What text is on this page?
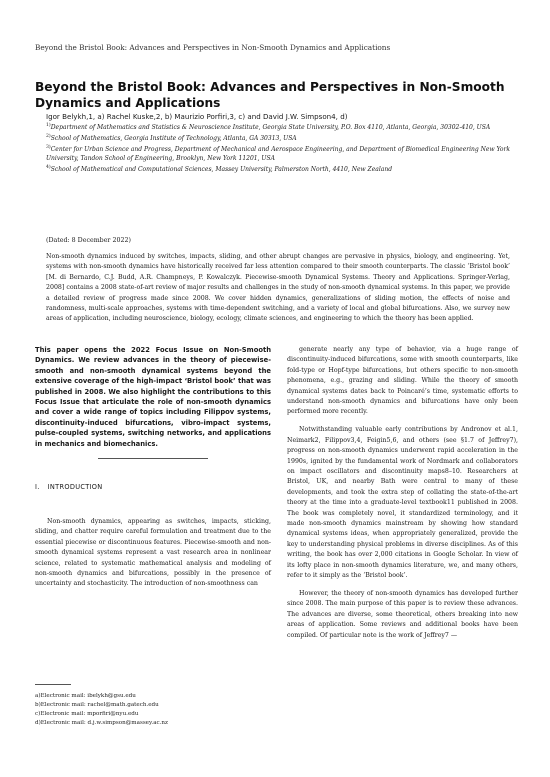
Beyond the Bristol Book: Advances and Perspectives in Non-Smooth Dynamics and Applications
Beyond the Bristol Book: Advances and Perspectives in Non-Smooth Dynamics and Applications
Igor Belykh,1, a) Rachel Kuske,2, b) Maurizio Porfiri,3, c) and David J.W. Simpson4, d)
$^{1)}$Department of Mathematics and Statistics & Neuroscience Institute, Georgia State University, P.O. Box 4110, Atlanta, Georgia, 30302-410, USA
$^{2)}$School of Mathematics, Georgia Institute of Technology, Atlanta, GA 30313, USA
$^{3)}$Center for Urban Science and Progress, Department of Mechanical and Aerospace Engineering, and Department of Biomedical Engineering New York University, Tandon School of Engineering, Brooklyn, New York 11201, USA
$^{4)}$School of Mathematical and Computational Sciences, Massey University, Palmerston North, 4410, New Zealand
(Dated: 8 December 2022)
Non-smooth dynamics induced by switches, impacts, sliding, and other abrupt changes are pervasive in physics, biology, and engineering. Yet, systems with non-smooth dynamics have historically received far less attention compared to their smooth counterparts. The classic ‘Bristol book’ [M. di Bernardo, C.J. Budd, A.R. Champneys, P. Kowalczyk. Piecewise-smooth Dynamical Systems. Theory and Applications. Springer-Verlag, 2008] contains a 2008 state-of-art review of major results and challenges in the study of non-smooth dynamical systems. In this paper, we provide a detailed review of progress made since 2008. We cover hidden dynamics, generalizations of sliding motion, the effects of noise and randomness, multi-scale approaches, systems with time-dependent switching, and a variety of local and global bifurcations. Also, we survey new areas of application, including neuroscience, biology, ecology, climate sciences, and engineering to which the theory has been applied.
This paper opens the 2022 Focus Issue on Non-Smooth Dynamics. We review advances in the theory of piecewise-smooth and non-smooth dynamical systems beyond the extensive coverage of the high-impact ‘Bristol book’ that was published in 2008. We also highlight the contributions to this Focus Issue that articulate the role of non-smooth dynamics and cover a wide range of topics including Filippov systems, discontinuity-induced bifurcations, vibro-impact systems, pulse-coupled systems, switching networks, and applications in mechanics and biomechanics.
I. INTRODUCTION

Non-smooth dynamics, appearing as switches, impacts, sticking, sliding, and chatter require careful formulation and treatment due to the essential piecewise or discontinuous features. Piecewise-smooth and non-smooth dynamical systems represent a vast research area in nonlinear science, related to systematic mathematical analysis and modeling of non-smooth dynamics and bifurcations, possibly in the presence of uncertainty and stochasticity. The introduction of non-smoothness can

a)Electronic mail: ibelykh@gsu.edu
b)Electronic mail: rachel@math.gatech.edu
c)Electronic mail: mporfiri@nyu.edu
d)Electronic mail: d.j.w.simpson@massey.ac.nz

generate nearly any type of behavior, via a huge range of discontinuity-induced bifurcations, some with smooth counterparts, like fold-type or Hopf-type bifurcations, but others specific to non-smooth phenomena, e.g., grazing and sliding. While the theory of smooth dynamical systems dates back to Poincaré’s time, systematic efforts to understand non-smooth dynamics and bifurcations have only been performed more recently.

Notwithstanding valuable early contributions by Andronov et al.1, Neimark2, Filippov3,4, Feigin5,6, and others (see §1.7 of Jeffrey7), progress on non-smooth dynamics underwent rapid acceleration in the 1990s, ignited by the fundamental work of Nordmark and collaborators on impact oscillators and discontinuity maps8–10. Researchers at Bristol, UK, and nearby Bath were central to many of these developments, and took the extra step of collating the state-of-the-art theory at the time into a graduate-level textbook11 published in 2008. The book was completely novel, it standardized terminology, and it made non-smooth dynamics mainstream by showing how standard dynamical systems ideas, when appropriately generalized, provide the key to understanding physical problems in diverse disciplines. As of this writing, the book has over 2,000 citations in Google Scholar. In view of its lofty place in non-smooth dynamics literature, we, and many others, refer to it simply as the ‘Bristol book’.

However, the theory of non-smooth dynamics has developed further since 2008. The main purpose of this paper is to review these advances. The advances are diverse, some theoretical, others breaking into new areas of application. Some reviews and additional books have been compiled. Of particular note is the work of Jeffrey7 —
